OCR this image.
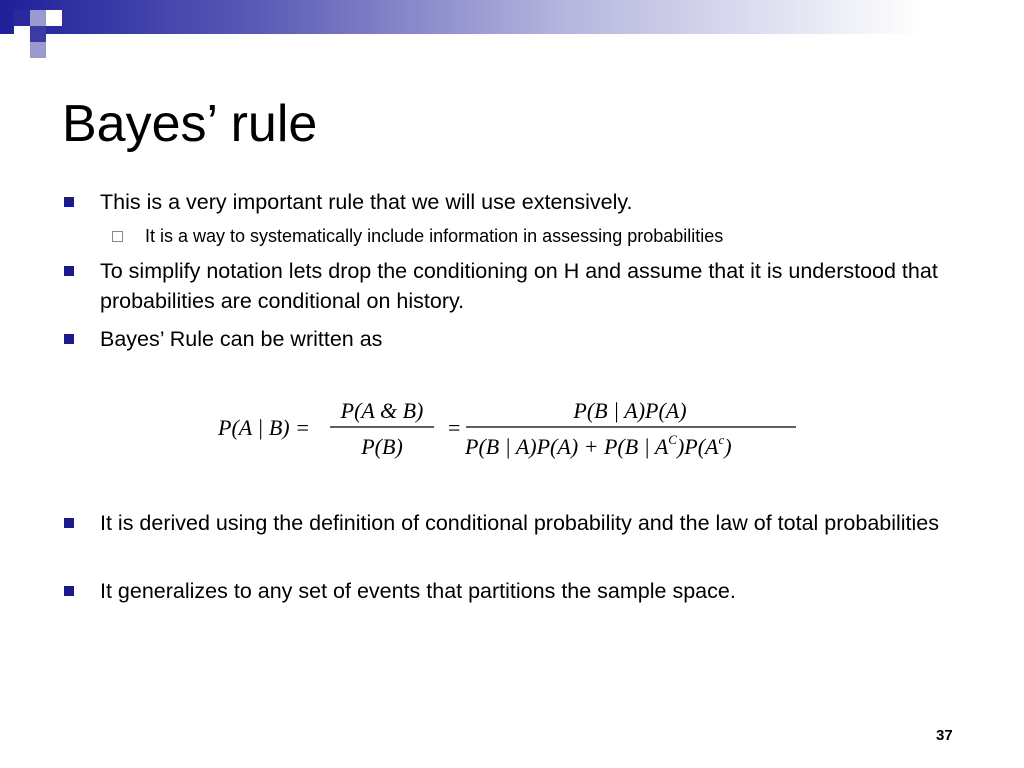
Bayes’ rule
This is a very important rule that we will use extensively.
It is a way to systematically include information in assessing probabilities
To simplify notation lets drop the conditioning on H and assume that it is understood that probabilities are conditional on history.
Bayes’ Rule can be written as
P(A | B) =
P(A & B)
P(B)
=
P(B | A)P(A)
P(B | A)P(A) + P(B | $A^C)P(A^c)$
It is derived using the definition of conditional probability and the law of total probabilities
It generalizes to any set of events that partitions the sample space.
37
